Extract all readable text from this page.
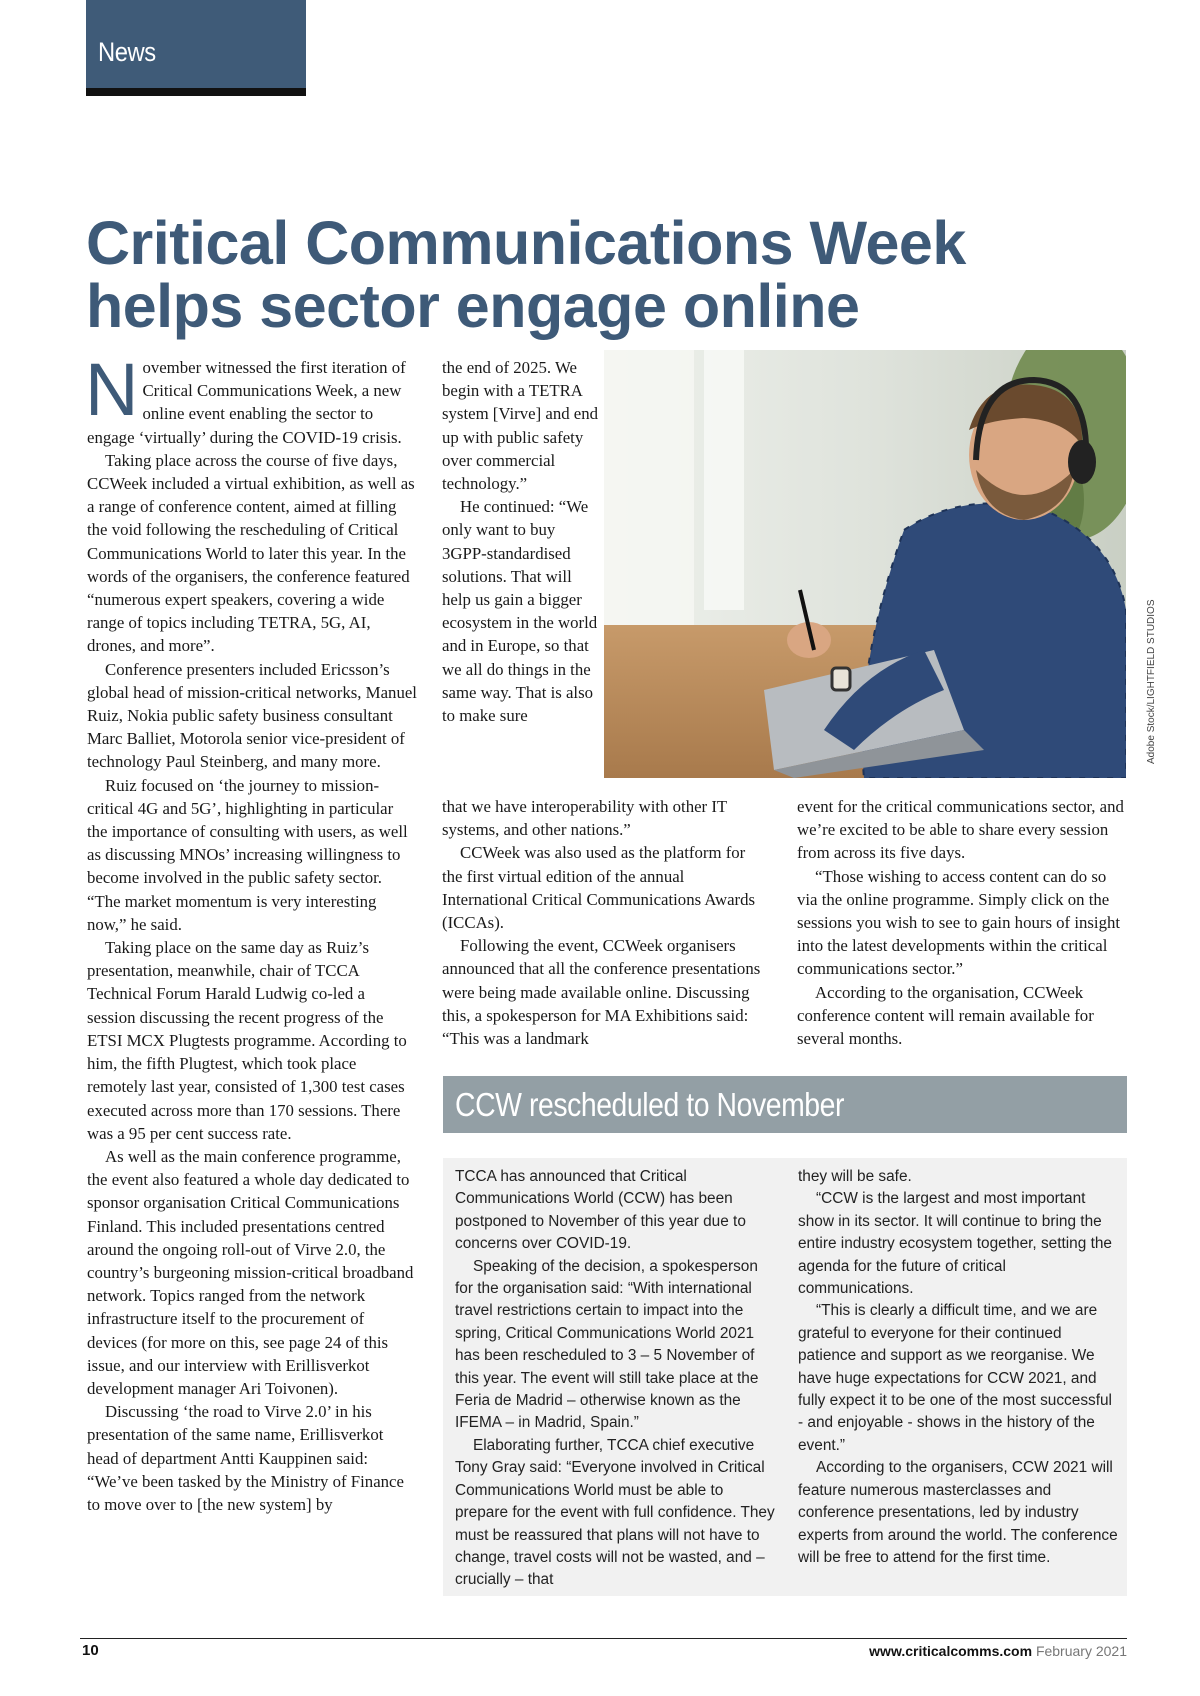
News
Critical Communications Week
helps sector engage online
N ovember witnessed the first iteration of Critical Communications Week, a new online event enabling the sector to engage ‘virtually’ during the COVID-19 crisis.

Taking place across the course of five days, CCWeek included a virtual exhibition, as well as a range of conference content, aimed at filling the void following the rescheduling of Critical Communications World to later this year. In the words of the organisers, the conference featured “numerous expert speakers, covering a wide range of topics including TETRA, 5G, AI, drones, and more”.

Conference presenters included Ericsson’s global head of mission-critical networks, Manuel Ruiz, Nokia public safety business consultant Marc Balliet, Motorola senior vice-president of technology Paul Steinberg, and many more.

Ruiz focused on ‘the journey to mission-critical 4G and 5G’, highlighting in particular the importance of consulting with users, as well as discussing MNOs’ increasing willingness to become involved in the public safety sector. “The market momentum is very interesting now,” he said.

Taking place on the same day as Ruiz’s presentation, meanwhile, chair of TCCA Technical Forum Harald Ludwig co-led a session discussing the recent progress of the ETSI MCX Plugtests programme. According to him, the fifth Plugtest, which took place remotely last year, consisted of 1,300 test cases executed across more than 170 sessions. There was a 95 per cent success rate.

As well as the main conference programme, the event also featured a whole day dedicated to sponsor organisation Critical Communications Finland. This included presentations centred around the ongoing roll-out of Virve 2.0, the country’s burgeoning mission-critical broadband network. Topics ranged from the network infrastructure itself to the procurement of devices (for more on this, see page 24 of this issue, and our interview with Erillisverkot development manager Ari Toivonen).

Discussing ‘the road to Virve 2.0’ in his presentation of the same name, Erillisverkot head of department Antti Kauppinen said: “We’ve been tasked by the Ministry of Finance to move over to [the new system] by

the end of 2025. We begin with a TETRA system [Virve] and end up with public safety over commercial technology.”

He continued: “We only want to buy 3GPP-standardised solutions. That will help us gain a bigger ecosystem in the world and in Europe, so that we all do things in the same way. That is also to make sure	Adobe Stock/LIGHTFIELD STUDIOS

that we have interoperability with other IT systems, and other nations.”

CCWeek was also used as the platform for the first virtual edition of the annual International Critical Communications Awards (ICCAs).

Following the event, CCWeek organisers announced that all the conference presentations were being made available online. Discussing this, a spokesperson for MA Exhibitions said: “This was a landmark

event for the critical communications sector, and we’re excited to be able to share every session from across its five days.

“Those wishing to access content can do so via the online programme. Simply click on the sessions you wish to see to gain hours of insight into the latest developments within the critical communications sector.”

According to the organisation, CCWeek conference content will remain available for several months.

CCW rescheduled to November

TCCA has announced that Critical Communications World (CCW) has been postponed to November of this year due to concerns over COVID-19.

Speaking of the decision, a spokesperson for the organisation said: “With international travel restrictions certain to impact into the spring, Critical Communications World 2021 has been rescheduled to 3 – 5 November of this year. The event will still take place at the Feria de Madrid – otherwise known as the IFEMA – in Madrid, Spain.”

Elaborating further, TCCA chief executive Tony Gray said: “Everyone involved in Critical Communications World must be able to prepare for the event with full confidence. They must be reassured that plans will not have to change, travel costs will not be wasted, and – crucially – that

they will be safe.

“CCW is the largest and most important show in its sector. It will continue to bring the entire industry ecosystem together, setting the agenda for the future of critical communications.

“This is clearly a difficult time, and we are grateful to everyone for their continued patience and support as we reorganise. We have huge expectations for CCW 2021, and fully expect it to be one of the most successful - and enjoyable - shows in the history of the event.”

According to the organisers, CCW 2021 will feature numerous masterclasses and conference presentations, led by industry experts from around the world. The conference will be free to attend for the first time.

10	www.criticalcomms.com February 2021
